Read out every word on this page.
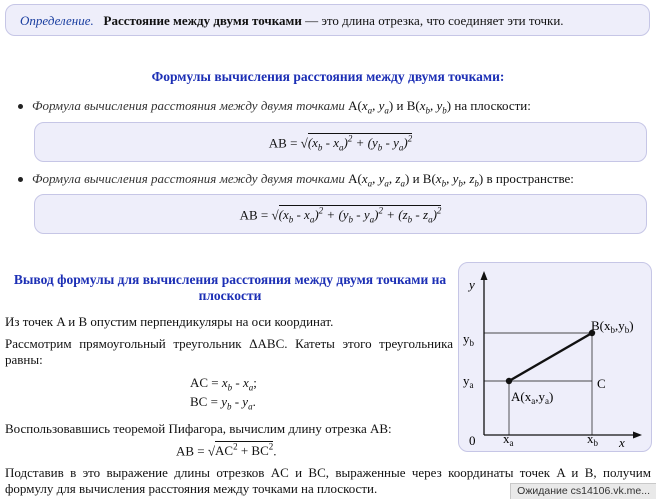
Определение. Расстояние между двумя точками — это длина отрезка, что соединяет эти точки.
Формулы вычисления расстояния между двумя точками:
Формула вычисления расстояния между двумя точками $A(x_a$, $y_a$) и $B(x_b$, $y_b$) на плоскости:
AB = $√(x_b - x_a)^2 + (y_b - y_a)^2$
Формула вычисления расстояния между двумя точками $A(x_a$, $y_a$, $z_a$) и $B(x_b$, $y_b$, $z_b$) в пространстве:
AB = $√(x_b - x_a)^2 + (y_b - y_a)^2 + (z_b - z_a)^2$
Вывод формулы для вычисления расстояния между двумя точками на плоскости
Из точек A и B опустим перпендикуляры на оси координат.
Рассмотрим прямоугольный треугольник ΔABC. Катеты этого треугольника равны:
AC = $x_b - x_a$;
BC = $y_b - y_a$.
Воспользовавшись теоремой Пифагора, вычислим длину отрезка AB:
AB = $√AC^2 + BC^2$.
Подставив в это выражение длины отрезков AC и BC, выраженные через координаты точек A и B, получим формулу для вычисления расстояния между точками на плоскости.
y
x
0
$y_b$
$y_a$
$x_a$	$x_b$
$B(x_b,y_b)$
$A(x_a,y_a)$
C
Ожидание cs14106.vk.me...
